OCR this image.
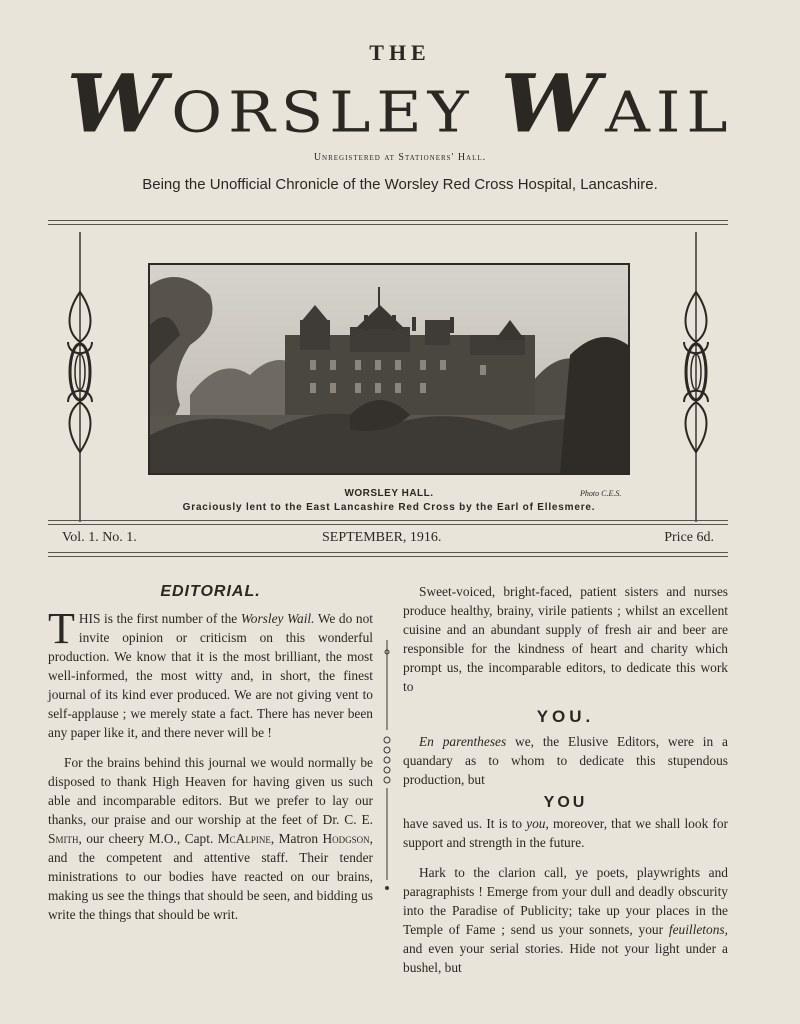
THE
WORSLEY WAIL
Unregistered at Stationers' Hall.
Being the Unofficial Chronicle of the Worsley Red Cross Hospital, Lancashire.
WORSLEY HALL.	Photo C.E.S.
Graciously lent to the East Lancashire Red Cross by the Earl of Ellesmere.
Vol. 1. No. 1.	SEPTEMBER, 1916.	Price 6d.
EDITORIAL.

THIS is the first number of the Worsley Wail. We do not invite opinion or criticism on this wonderful production. We know that it is the most brilliant, the most well-informed, the most witty and, in short, the finest journal of its kind ever produced. We are not giving vent to self-applause ; we merely state a fact. There has never been any paper like it, and there never will be !

For the brains behind this journal we would normally be disposed to thank High Heaven for having given us such able and incomparable editors. But we prefer to lay our thanks, our praise and our worship at the feet of Dr. C. E. Smith, our cheery M.O., Capt. McAlpine, Matron Hodgson, and the competent and attentive staff. Their tender ministrations to our bodies have reacted on our brains, making us see the things that should be seen, and bidding us write the things that should be writ.

Sweet-voiced, bright-faced, patient sisters and nurses produce healthy, brainy, virile patients ; whilst an excellent cuisine and an abundant supply of fresh air and beer are responsible for the kindness of heart and charity which prompt us, the incomparable editors, to dedicate this work to

YOU.

En parentheses we, the Elusive Editors, were in a quandary as to whom to dedicate this stupendous production, but

YOU

have saved us. It is to you, moreover, that we shall look for support and strength in the future.

Hark to the clarion call, ye poets, playwrights and paragraphists ! Emerge from your dull and deadly obscurity into the Paradise of Publicity; take up your places in the Temple of Fame ; send us your sonnets, your feuilletons, and even your serial stories. Hide not your light under a bushel, but
